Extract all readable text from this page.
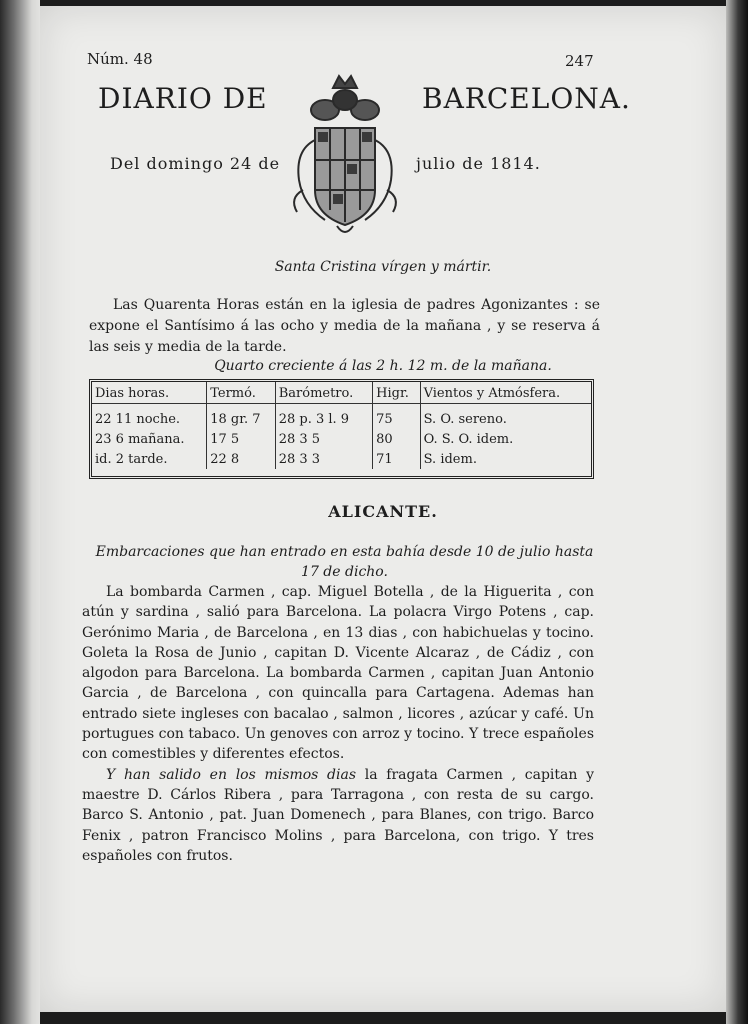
Núm. 48	247
DIARIO DE	BARCELONA.
Del domingo 24 de	julio de 1814.
Santa Cristina vírgen y mártir.
Las Quarenta Horas están en la iglesia de padres Agonizantes : se expone el Santísimo á las ocho y media de la mañana , y se reserva á las seis y media de la tarde.
Quarto creciente á las 2 h. 12 m. de la mañana.
Dias horas.	Termó.	Barómetro.	Higr.	Vientos y Atmósfera.
22 11 noche.	18 gr. 7	28 p. 3 l. 9	75	S. O. sereno.
23 6 mañana.	17 5	28 3 5	80	O. S. O. idem.
id. 2 tarde.	22 8	28 3 3	71	S. idem.
ALICANTE.
Embarcaciones que han entrado en esta bahía desde 10 de julio hasta 17 de dicho.

La bombarda Carmen , cap. Miguel Botella , de la Higuerita , con atún y sardina , salió para Barcelona. La polacra Virgo Potens , cap. Gerónimo Maria , de Barcelona , en 13 dias , con habichuelas y tocino. Goleta la Rosa de Junio , capitan D. Vicente Alcaraz , de Cádiz , con algodon para Barcelona. La bombarda Carmen , capitan Juan Antonio Garcia , de Barcelona , con quincalla para Cartagena. Ademas han entrado siete ingleses con bacalao , salmon , licores , azúcar y café. Un portugues con tabaco. Un genoves con arroz y tocino. Y trece españoles con comestibles y diferentes efectos.

Y han salido en los mismos dias la fragata Carmen , capitan y maestre D. Cárlos Ribera , para Tarragona , con resta de su cargo. Barco S. Antonio , pat. Juan Domenech , para Blanes, con trigo. Barco Fenix , patron Francisco Molins , para Barcelona, con trigo. Y tres españoles con frutos.
